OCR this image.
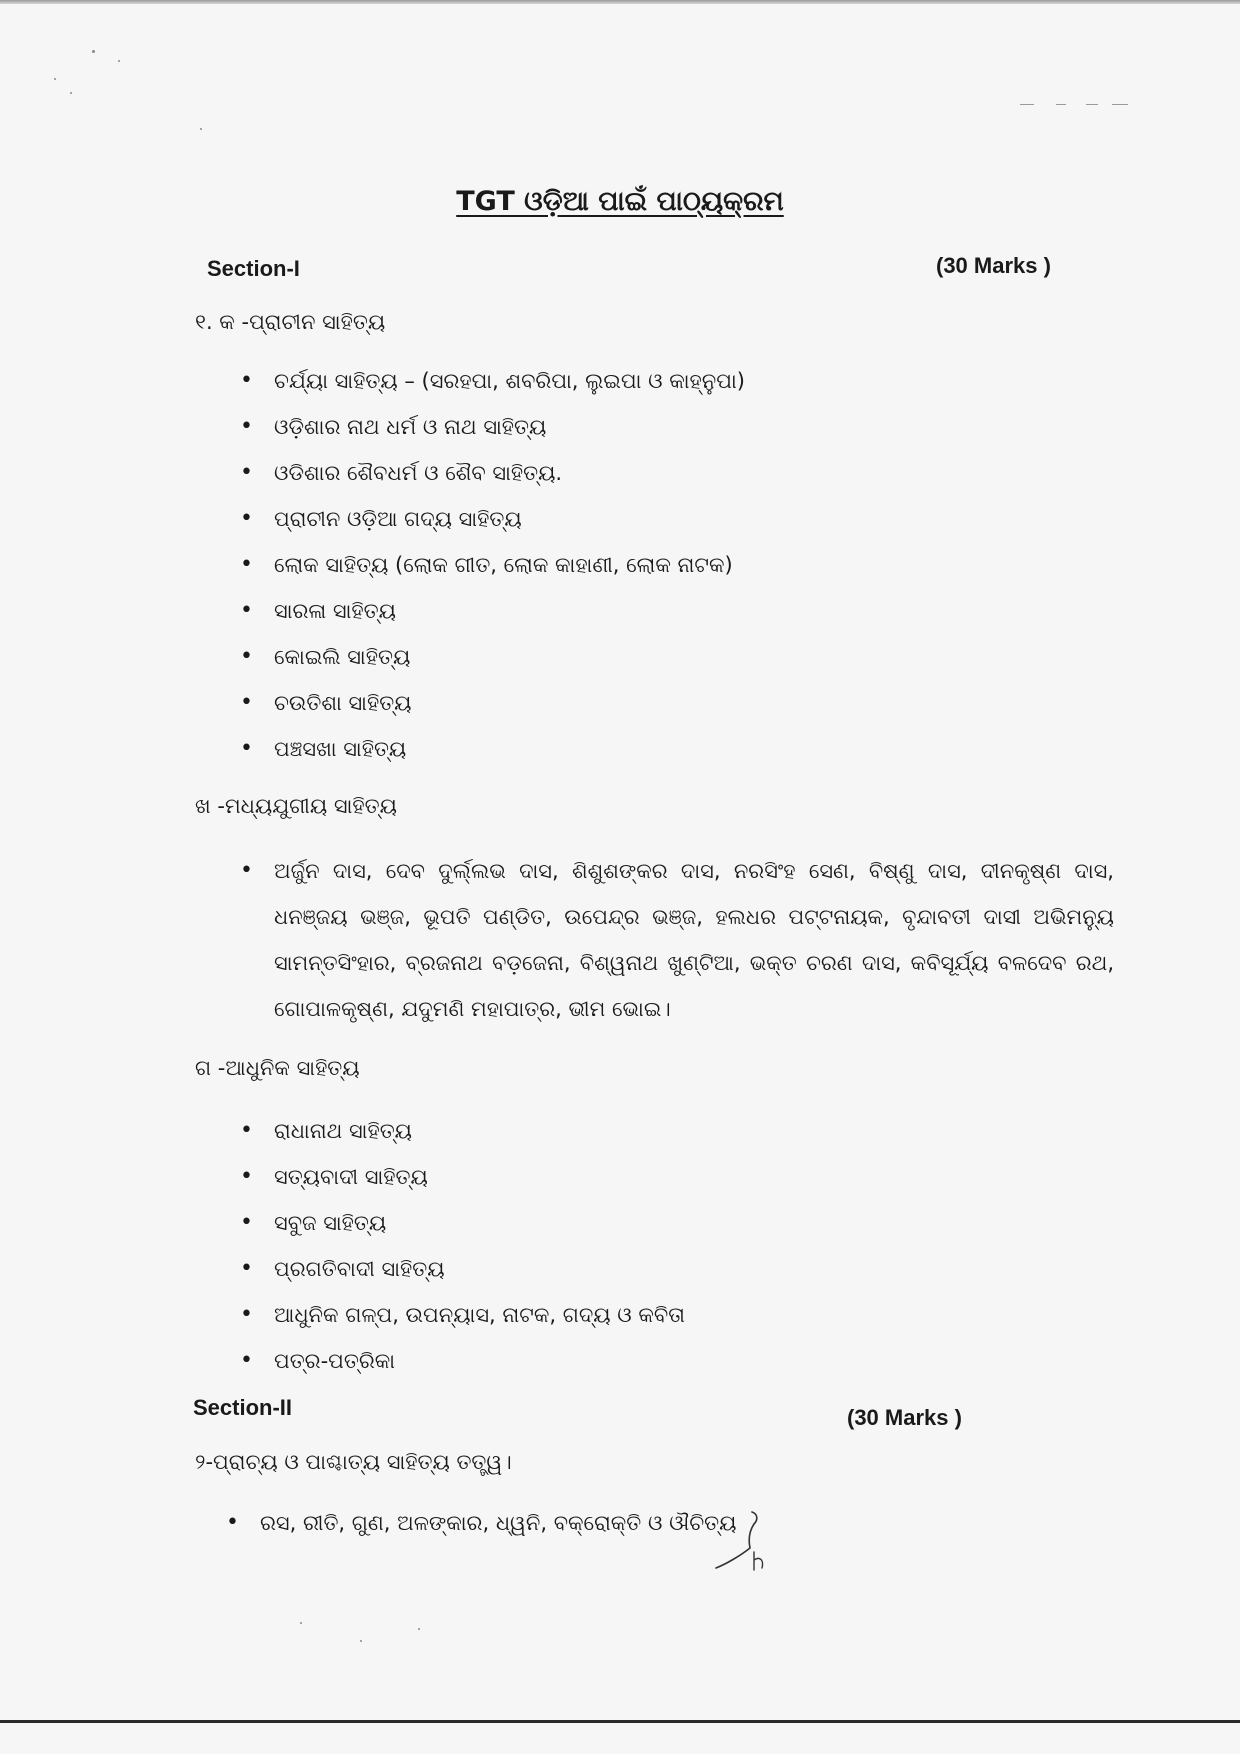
TGT ଓଡ଼ିଆ ପାଇଁ ପାଠ୍ୟକ୍ରମ
Section-I	(30 Marks )
୧. କ -ପ୍ରାଚୀନ ସାହିତ୍ୟ
• ଚର୍ଯ୍ୟା ସାହିତ୍ୟ – (ସରହପା, ଶବରିପା, ଲୁଇପା ଓ କାହ୍ନୁପା)
• ଓଡ଼ିଶାର ନାଥ ଧର୍ମ ଓ ନାଥ ସାହିତ୍ୟ
• ଓଡିଶାର ଶୈବଧର୍ମ ଓ ଶୈବ ସାହିତ୍ୟ.
• ପ୍ରାଚୀନ ଓଡ଼ିଆ ଗଦ୍ୟ ସାହିତ୍ୟ
• ଲୋକ ସାହିତ୍ୟ (ଲୋକ ଗୀତ, ଲୋକ କାହାଣୀ, ଲୋକ ନାଟକ)
• ସାରଳା ସାହିତ୍ୟ
• କୋଇଲି ସାହିତ୍ୟ
• ଚଉତିଶା ସାହିତ୍ୟ
• ପଞ୍ଚସଖା ସାହିତ୍ୟ
ଖ -ମଧ୍ୟଯୁଗୀୟ ସାହିତ୍ୟ
• ଅର୍ଜୁନ ଦାସ, ଦେବ ଦୁର୍ଲ୍ଲଭ ଦାସ, ଶିଶୁଶଙ୍କର ଦାସ, ନରସିଂହ ସେଣ, ବିଷ୍ଣୁ ଦାସ, ଦୀନକୃଷ୍ଣ ଦାସ, ଧନଞ୍ଜୟ ଭଞ୍ଜ, ଭୂପତି ପଣ୍ଡିତ, ଉପେନ୍ଦ୍ର ଭଞ୍ଜ, ହଲଧର ପଟ୍ଟନାୟକ, ବୃନ୍ଦାବତୀ ଦାସୀ ଅଭିମନ୍ୟୁ ସାମନ୍ତସିଂହାର, ବ୍ରଜନାଥ ବଡ଼ଜେନା, ବିଶ୍ୱନାଥ ଖୁଣ୍ଟିଆ, ଭକ୍ତ ଚରଣ ଦାସ, କବିସୂର୍ଯ୍ୟ ବଳଦେବ ରଥ, ଗୋପାଳକୃଷ୍ଣ, ଯଦୁମଣି ମହାପାତ୍ର, ଭୀମ ଭୋଇ।
ଗ -ଆଧୁନିକ ସାହିତ୍ୟ
• ରାଧାନାଥ ସାହିତ୍ୟ
• ସତ୍ୟବାଦୀ ସାହିତ୍ୟ
• ସବୁଜ ସାହିତ୍ୟ
• ପ୍ରଗତିବାଦୀ ସାହିତ୍ୟ
• ଆଧୁନିକ ଗଳ୍ପ, ଉପନ୍ୟାସ, ନାଟକ, ଗଦ୍ୟ ଓ କବିତା
• ପତ୍ର-ପତ୍ରିକା
Section-II	(30 Marks )
୨-ପ୍ରାଚ୍ୟ ଓ ପାଶ୍ଚାତ୍ୟ ସାହିତ୍ୟ ତତ୍ତ୍ୱ।
• ରସ, ରୀତି, ଗୁଣ, ଅଳଙ୍କାର, ଧ୍ୱନି, ବକ୍ରୋକ୍ତି ଓ ଔଚିତ୍ୟ
